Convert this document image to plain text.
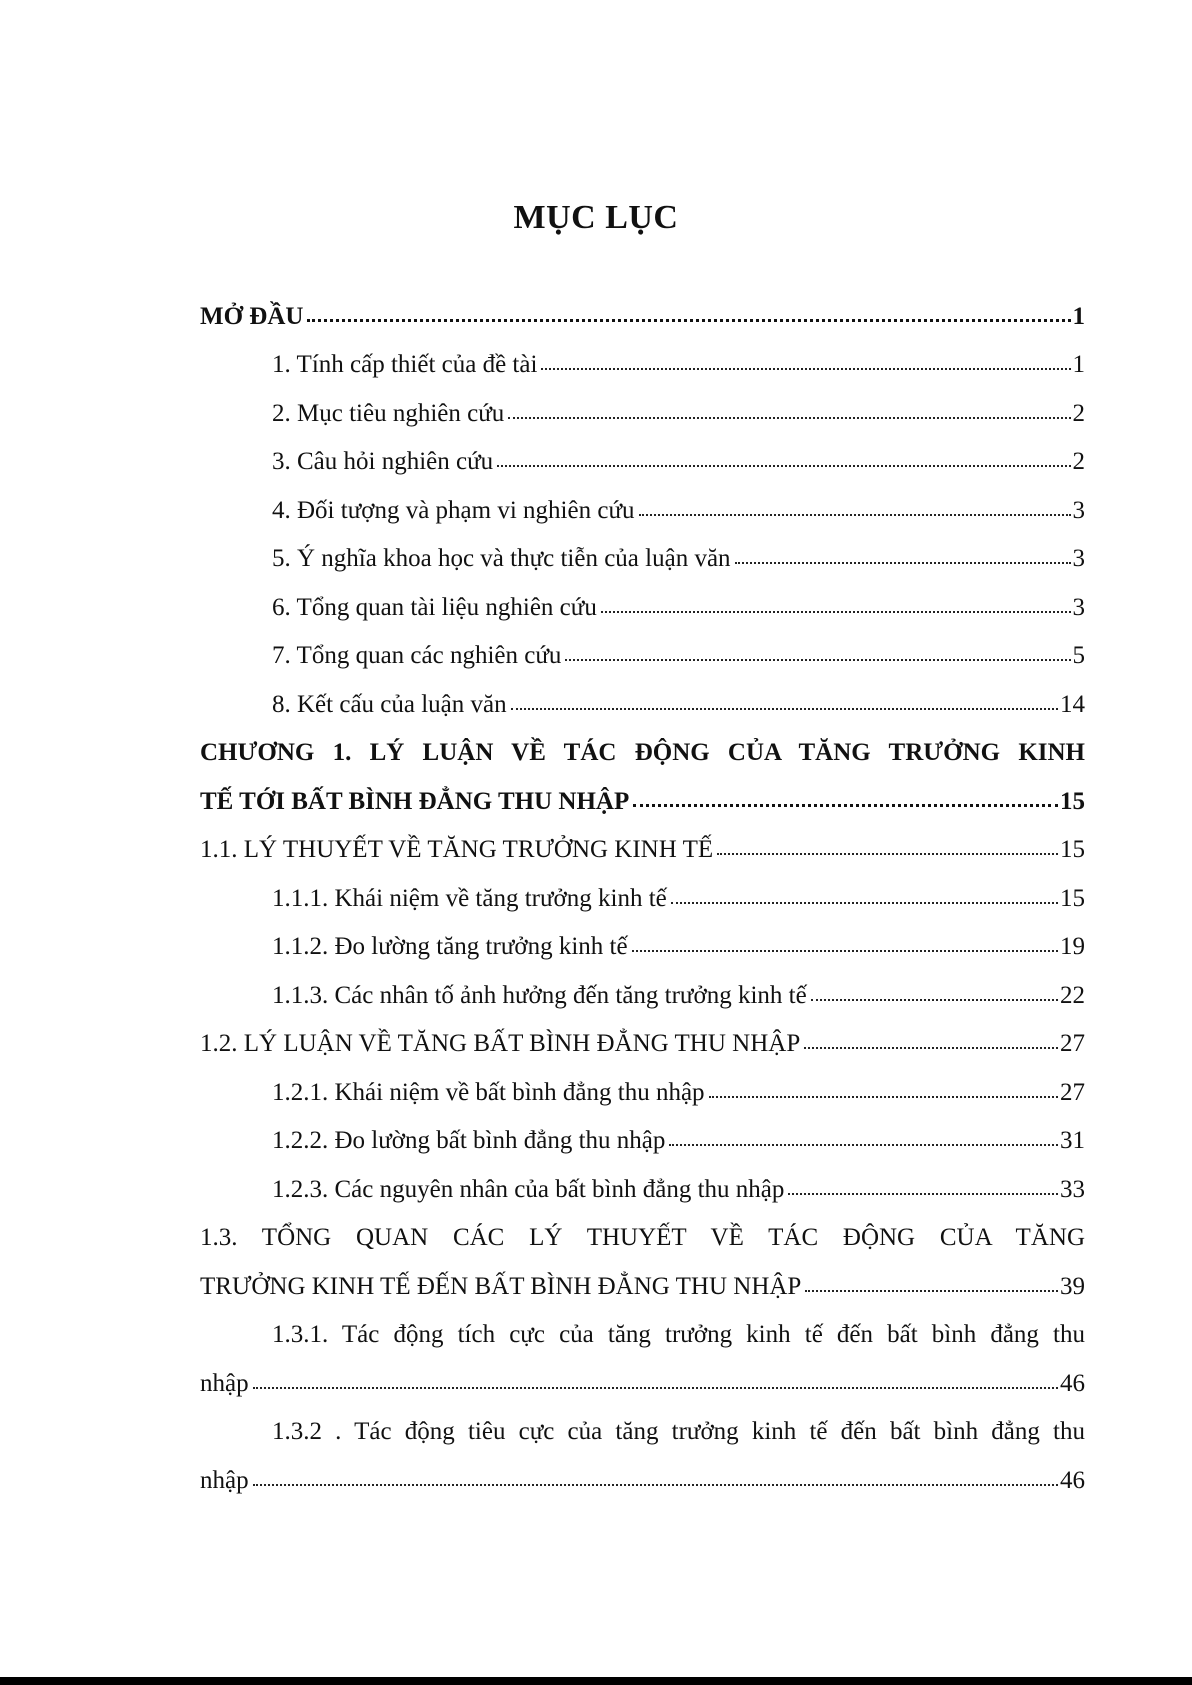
MỤC LỤC
MỞ ĐẦU	1
1. Tính cấp thiết của đề tài	1
2. Mục tiêu nghiên cứu	2
3. Câu hỏi nghiên cứu	2
4. Đối tượng và phạm vi nghiên cứu	3
5. Ý nghĩa khoa học và thực tiễn của luận văn	3
6. Tổng quan tài liệu nghiên cứu	3
7. Tổng quan các nghiên cứu	5
8. Kết cấu của luận văn	14
CHƯƠNG 1. LÝ LUẬN VỀ TÁC ĐỘNG CỦA TĂNG TRƯỞNG KINH
TẾ TỚI BẤT BÌNH ĐẲNG THU NHẬP	15
1.1. LÝ THUYẾT VỀ TĂNG TRƯỞNG KINH TẾ	15
1.1.1. Khái niệm về tăng trưởng kinh tế	15
1.1.2. Đo lường tăng trưởng kinh tế	19
1.1.3. Các nhân tố ảnh hưởng đến tăng trưởng kinh tế	22
1.2. LÝ LUẬN VỀ TĂNG BẤT BÌNH ĐẲNG THU NHẬP	27
1.2.1. Khái niệm về bất bình đẳng thu nhập	27
1.2.2. Đo lường bất bình đẳng thu nhập	31
1.2.3. Các nguyên nhân của bất bình đẳng thu nhập	33
1.3. TỔNG QUAN CÁC LÝ THUYẾT VỀ TÁC ĐỘNG CỦA TĂNG
TRƯỞNG KINH TẾ ĐẾN BẤT BÌNH ĐẲNG THU NHẬP	39
1.3.1. Tác động tích cực của tăng trưởng kinh tế đến bất bình đẳng thu
nhập	46
1.3.2 . Tác động tiêu cực của tăng trưởng kinh tế đến bất bình đẳng thu
nhập	46
